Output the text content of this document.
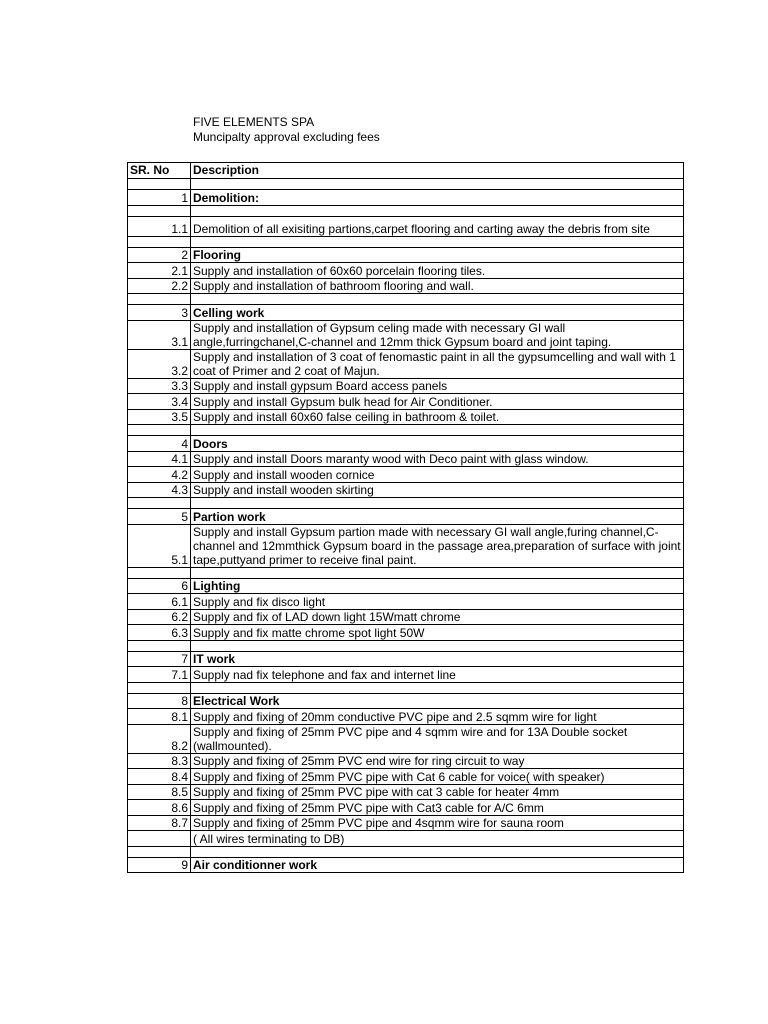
FIVE ELEMENTS SPA
Muncipalty approval excluding fees
SR. No	Description

1	Demolition:

1.1	Demolition of all exisiting partions,carpet flooring and carting away the debris from site

2	Flooring
2.1	Supply and installation of 60x60 porcelain flooring tiles.
2.2	Supply and installation of bathroom flooring and wall.

3	Celling work
3.1	Supply and installation of Gypsum celing made with necessary GI wall angle,furringchanel,C-channel and 12mm thick Gypsum board and joint taping.
3.2	Supply and installation of 3 coat of fenomastic paint in all the gypsumcelling and wall with 1 coat of Primer and 2 coat of Majun.
3.3	Supply and install gypsum Board access panels
3.4	Supply and install Gypsum bulk head for Air Conditioner.
3.5	Supply and install 60x60 false ceiling in bathroom & toilet.

4	Doors
4.1	Supply and install Doors maranty wood with Deco paint with glass window.
4.2	Supply and install wooden cornice
4.3	Supply and install wooden skirting

5	Partion work
5.1	Supply and install Gypsum partion made with necessary GI wall angle,furing channel,C-channel and 12mmthick Gypsum board in the passage area,preparation of surface with joint tape,puttyand primer to receive final paint.

6	Lighting
6.1	Supply and fix disco light
6.2	Supply and fix of LAD down light 15Wmatt chrome
6.3	Supply and fix matte chrome spot light 50W

7	IT work
7.1	Supply nad fix telephone and fax and internet line

8	Electrical Work
8.1	Supply and fixing of 20mm conductive PVC pipe and 2.5 sqmm wire for light
8.2	Supply and fixing of 25mm PVC pipe and 4 sqmm wire and for 13A Double socket (wallmounted).
8.3	Supply and fixing of 25mm PVC end wire for ring circuit to way
8.4	Supply and fixing of 25mm PVC pipe with Cat 6 cable for voice( with speaker)
8.5	Supply and fixing of 25mm PVC pipe with cat 3 cable for heater 4mm
8.6	Supply and fixing of 25mm PVC pipe with Cat3 cable for A/C 6mm
8.7	Supply and fixing of 25mm PVC pipe and 4sqmm wire for sauna room
	( All wires terminating to DB)

9	Air conditionner work
